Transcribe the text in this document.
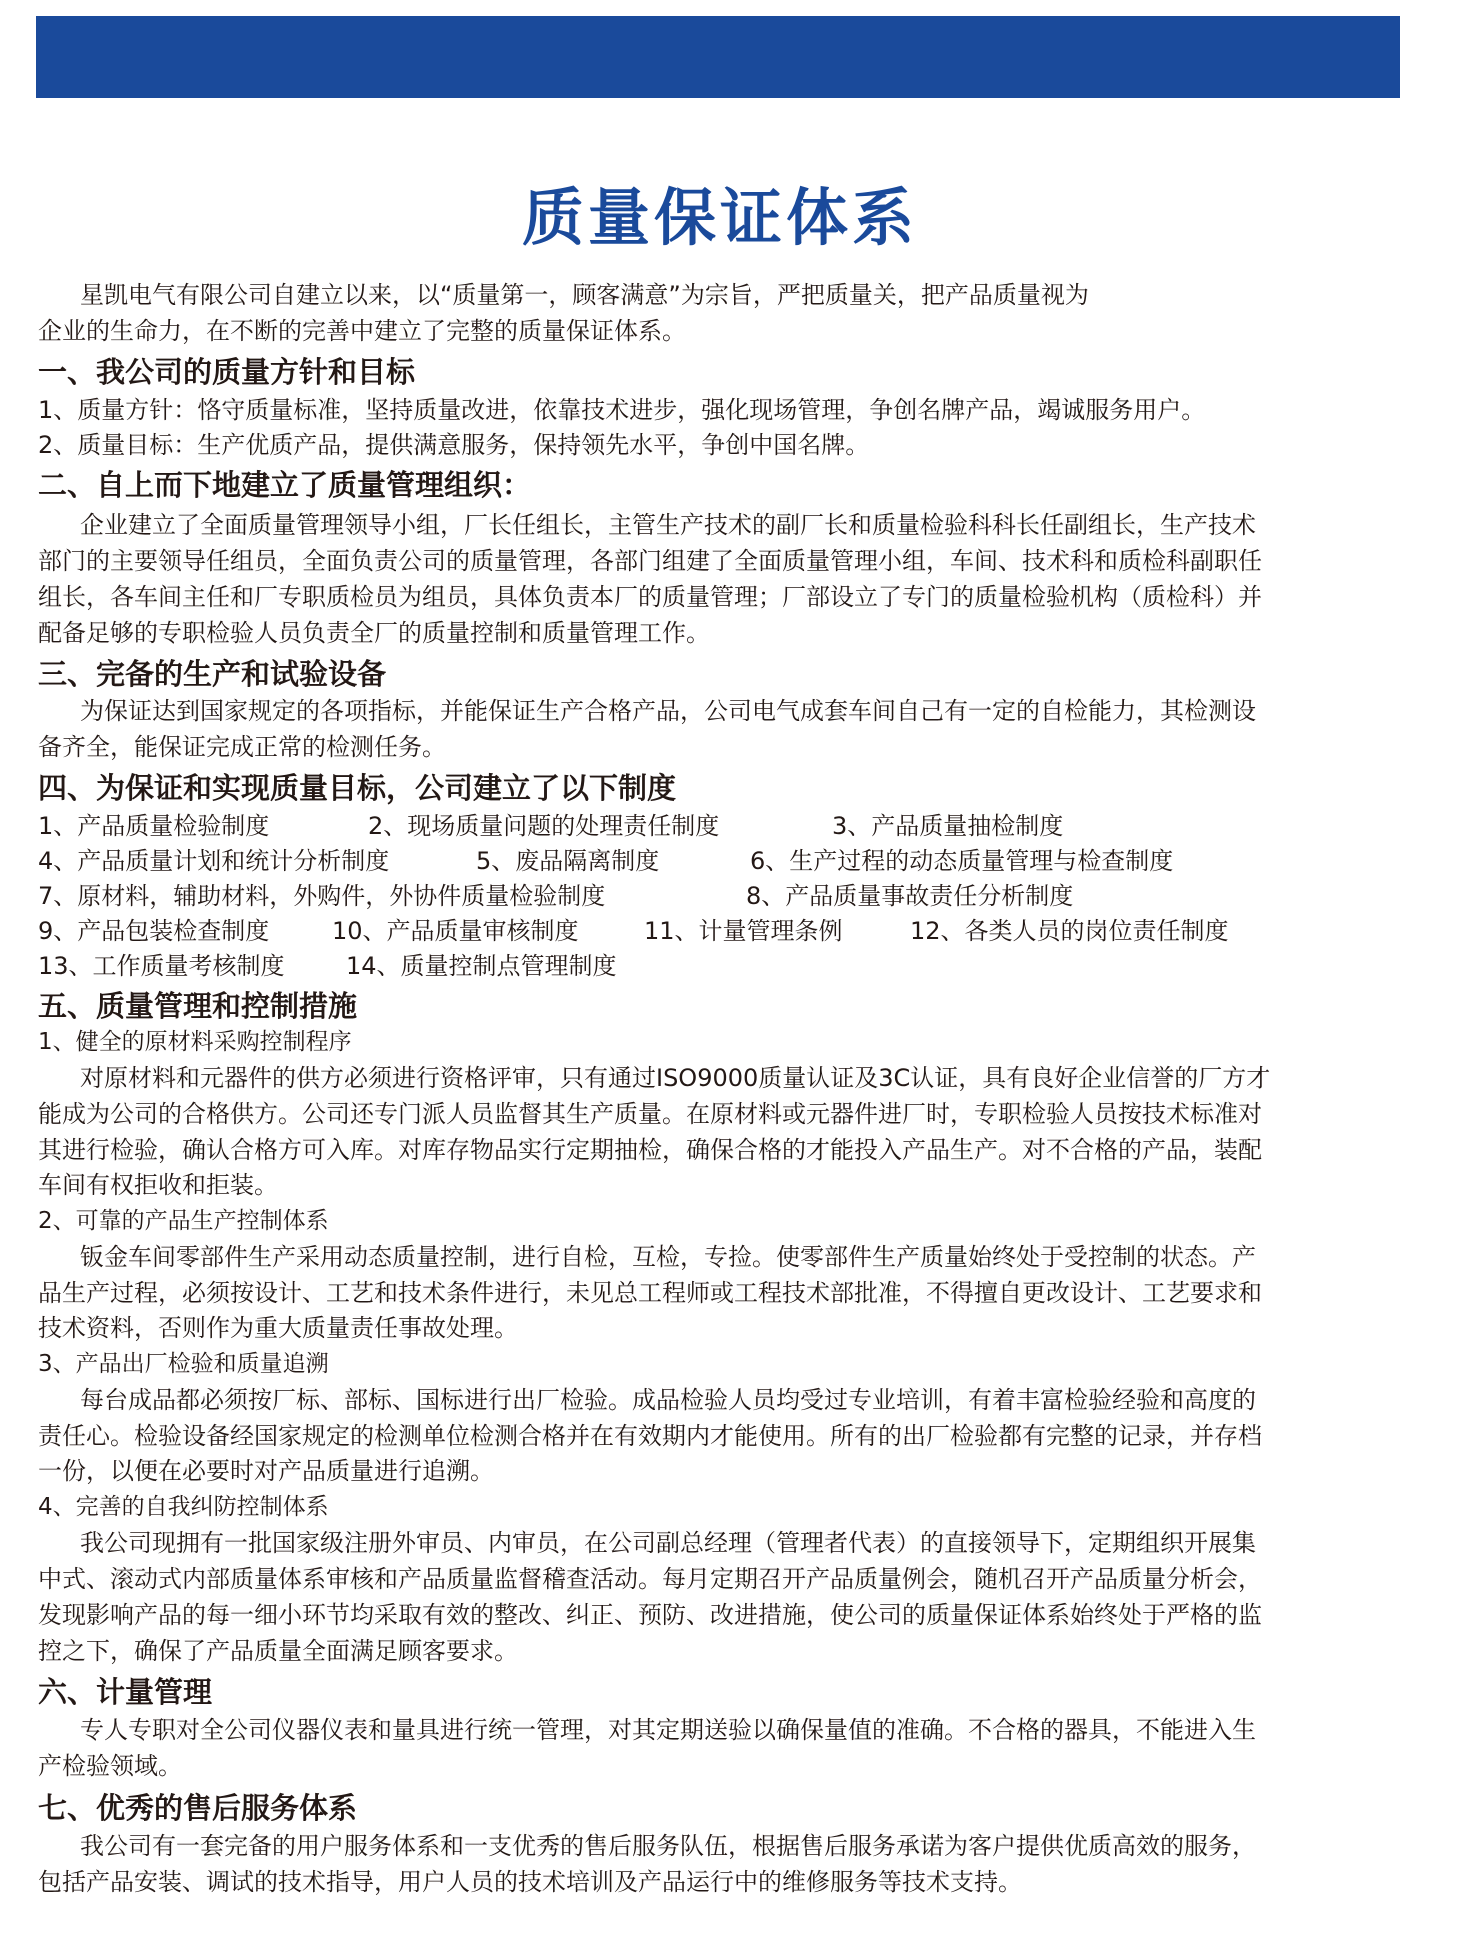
质量保证体系
星凯电气有限公司自建立以来，以“质量第一，顾客满意”为宗旨，严把质量关，把产品质量视为
企业的生命力，在不断的完善中建立了完整的质量保证体系。
一、我公司的质量方针和目标
1、质量方针：恪守质量标准，坚持质量改进，依靠技术进步，强化现场管理，争创名牌产品，竭诚服务用户。
2、质量目标：生产优质产品，提供满意服务，保持领先水平，争创中国名牌。
二、自上而下地建立了质量管理组织：
企业建立了全面质量管理领导小组，厂长任组长，主管生产技术的副厂长和质量检验科科长任副组长，生产技术
部门的主要领导任组员，全面负责公司的质量管理，各部门组建了全面质量管理小组，车间、技术科和质检科副职任
组长，各车间主任和厂专职质检员为组员，具体负责本厂的质量管理；厂部设立了专门的质量检验机构（质检科）并
配备足够的专职检验人员负责全厂的质量控制和质量管理工作。
三、完备的生产和试验设备
为保证达到国家规定的各项指标，并能保证生产合格产品，公司电气成套车间自己有一定的自检能力，其检测设
备齐全，能保证完成正常的检测任务。
四、为保证和实现质量目标，公司建立了以下制度
1、产品质量检验制度	2、现场质量问题的处理责任制度	3、产品质量抽检制度
4、产品质量计划和统计分析制度	5、废品隔离制度	6、生产过程的动态质量管理与检查制度
7、原材料，辅助材料，外购件，外协件质量检验制度	8、产品质量事故责任分析制度
9、产品包装检查制度	10、产品质量审核制度	11、计量管理条例	12、各类人员的岗位责任制度
13、工作质量考核制度	14、质量控制点管理制度
五、质量管理和控制措施
1、健全的原材料采购控制程序
对原材料和元器件的供方必须进行资格评审，只有通过ISO9000质量认证及3C认证，具有良好企业信誉的厂方才
能成为公司的合格供方。公司还专门派人员监督其生产质量。在原材料或元器件进厂时，专职检验人员按技术标准对
其进行检验，确认合格方可入库。对库存物品实行定期抽检，确保合格的才能投入产品生产。对不合格的产品，装配
车间有权拒收和拒装。
2、可靠的产品生产控制体系
钣金车间零部件生产采用动态质量控制，进行自检，互检，专捡。使零部件生产质量始终处于受控制的状态。产
品生产过程，必须按设计、工艺和技术条件进行，未见总工程师或工程技术部批准，不得擅自更改设计、工艺要求和
技术资料，否则作为重大质量责任事故处理。
3、产品出厂检验和质量追溯
每台成品都必须按厂标、部标、国标进行出厂检验。成品检验人员均受过专业培训，有着丰富检验经验和高度的
责任心。检验设备经国家规定的检测单位检测合格并在有效期内才能使用。所有的出厂检验都有完整的记录，并存档
一份，以便在必要时对产品质量进行追溯。
4、完善的自我纠防控制体系
我公司现拥有一批国家级注册外审员、内审员，在公司副总经理（管理者代表）的直接领导下，定期组织开展集
中式、滚动式内部质量体系审核和产品质量监督稽查活动。每月定期召开产品质量例会，随机召开产品质量分析会，
发现影响产品的每一细小环节均采取有效的整改、纠正、预防、改进措施，使公司的质量保证体系始终处于严格的监
控之下，确保了产品质量全面满足顾客要求。
六、计量管理
专人专职对全公司仪器仪表和量具进行统一管理，对其定期送验以确保量值的准确。不合格的器具，不能进入生
产检验领域。
七、优秀的售后服务体系
我公司有一套完备的用户服务体系和一支优秀的售后服务队伍，根据售后服务承诺为客户提供优质高效的服务，
包括产品安装、调试的技术指导，用户人员的技术培训及产品运行中的维修服务等技术支持。
